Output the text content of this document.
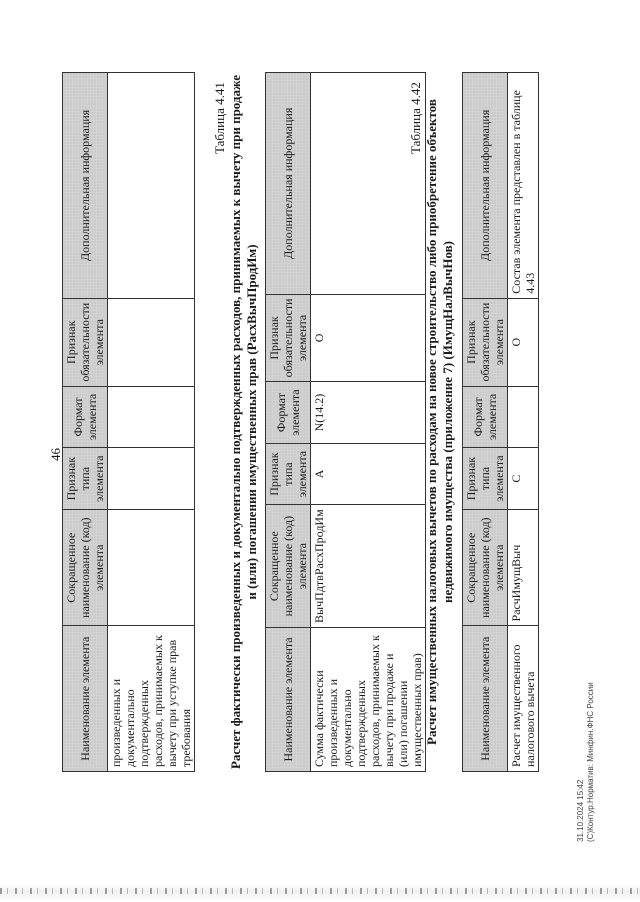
46
Наименование элемента	Сокращенное наименование (код) элемента	Признак типа элемента	Формат элемента	Признак обязательности элемента	Дополнительная информация
произведенных и документально подтвержденных расходов, принимаемых к вычету при уступке прав требования					
Таблица 4.41 Расчет фактически произведенных и документально подтвержденных расходов, принимаемых к вычету при продаже и (или) погашении имущественных прав (РасхВычПродИм)
Наименование элемента	Сокращенное наименование (код) элемента	Признак типа элемента	Формат элемента	Признак обязательности элемента	Дополнительная информация
Сумма фактически произведенных и документально подтвержденных расходов, принимаемых к вычету при продаже и (или) погашении имущественных прав)	ВычПдтвРасхПродИм	А	N(14.2)	О	
Таблица 4.42 Расчет имущественных налоговых вычетов по расходам на новое строительство либо приобретение объектов недвижимого имущества (приложение 7) (ИмущНалВычНов)
Наименование элемента	Сокращенное наименование (код) элемента	Признак типа элемента	Формат элемента	Признак обязательности элемента	Дополнительная информация
Расчет имущественного налогового вычета	РасчИмущВыч	С		О	Состав элемента представлен в таблице 4.43
31.10.2024 15:42 (С)Контур.Норматив: Минфин.ФНС России
